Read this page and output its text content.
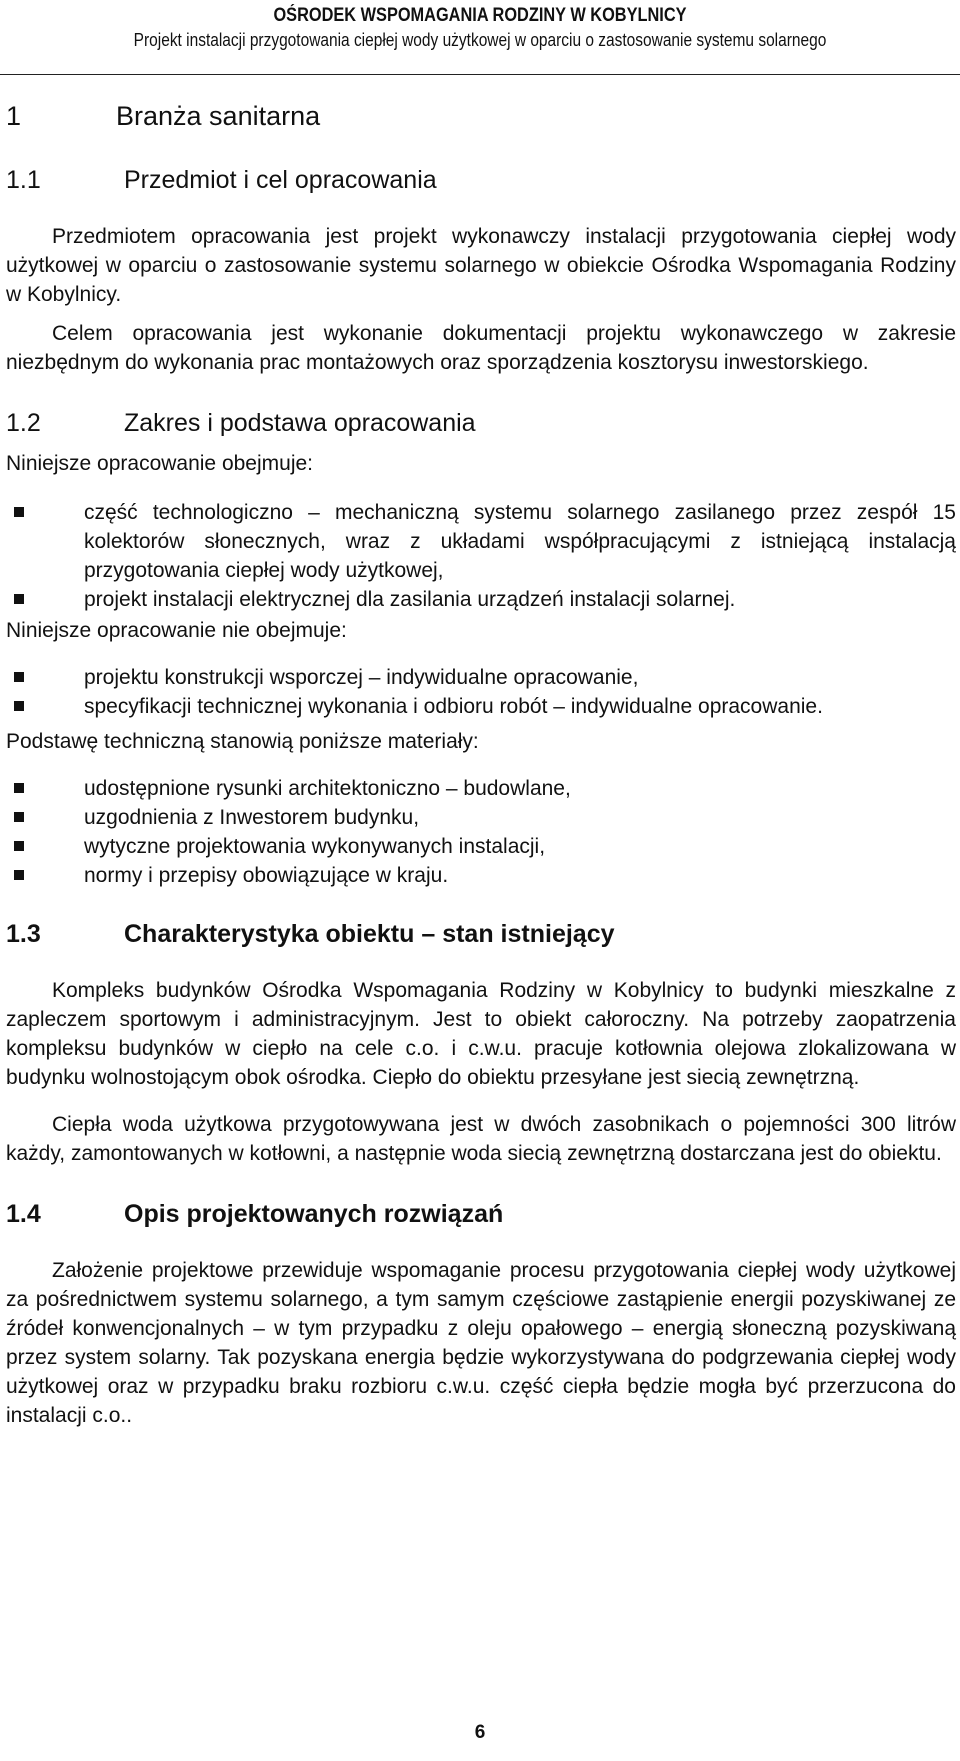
OŚRODEK WSPOMAGANIA RODZINY W KOBYLNICY
Projekt instalacji przygotowania ciepłej wody użytkowej w oparciu o zastosowanie systemu solarnego
1	Branża sanitarna
1.1	Przedmiot i cel opracowania

Przedmiotem opracowania jest projekt wykonawczy instalacji przygotowania ciepłej wody użytkowej w oparciu o zastosowanie systemu solarnego w obiekcie Ośrodka Wspomagania Rodziny w Kobylnicy.

Celem opracowania jest wykonanie dokumentacji projektu wykonawczego w zakresie niezbędnym do wykonania prac montażowych oraz sporządzenia kosztorysu inwestorskiego.

1.2	Zakres i podstawa opracowania
Niniejsze opracowanie obejmuje:
część technologiczno – mechaniczną systemu solarnego zasilanego przez zespół 15 kolektorów słonecznych, wraz z układami współpracującymi z istniejącą instalacją przygotowania ciepłej wody użytkowej,
projekt instalacji elektrycznej dla zasilania urządzeń instalacji solarnej.
Niniejsze opracowanie nie obejmuje:
projektu konstrukcji wsporczej – indywidualne opracowanie,
specyfikacji technicznej wykonania i odbioru robót – indywidualne opracowanie.
Podstawę techniczną stanowią poniższe materiały:
udostępnione rysunki architektoniczno – budowlane,
uzgodnienia z Inwestorem budynku,
wytyczne projektowania wykonywanych instalacji,
normy i przepisy obowiązujące w kraju.
1.3	Charakterystyka obiektu – stan istniejący

Kompleks budynków Ośrodka Wspomagania Rodziny w Kobylnicy to budynki mieszkalne z zapleczem sportowym i administracyjnym. Jest to obiekt całoroczny. Na potrzeby zaopatrzenia kompleksu budynków w ciepło na cele c.o. i c.w.u. pracuje kotłownia olejowa zlokalizowana w budynku wolnostojącym obok ośrodka. Ciepło do obiektu przesyłane jest siecią zewnętrzną.

Ciepła woda użytkowa przygotowywana jest w dwóch zasobnikach o pojemności 300 litrów każdy, zamontowanych w kotłowni, a następnie woda siecią zewnętrzną dostarczana jest do obiektu.

1.4	Opis projektowanych rozwiązań

Założenie projektowe przewiduje wspomaganie procesu przygotowania ciepłej wody użytkowej za pośrednictwem systemu solarnego, a tym samym częściowe zastąpienie energii pozyskiwanej ze źródeł konwencjonalnych – w tym przypadku z oleju opałowego – energią słoneczną pozyskiwaną przez system solarny. Tak pozyskana energia będzie wykorzystywana do podgrzewania ciepłej wody użytkowej oraz w przypadku braku rozbioru c.w.u. część ciepła będzie mogła być przerzucona do instalacji c.o..

6
